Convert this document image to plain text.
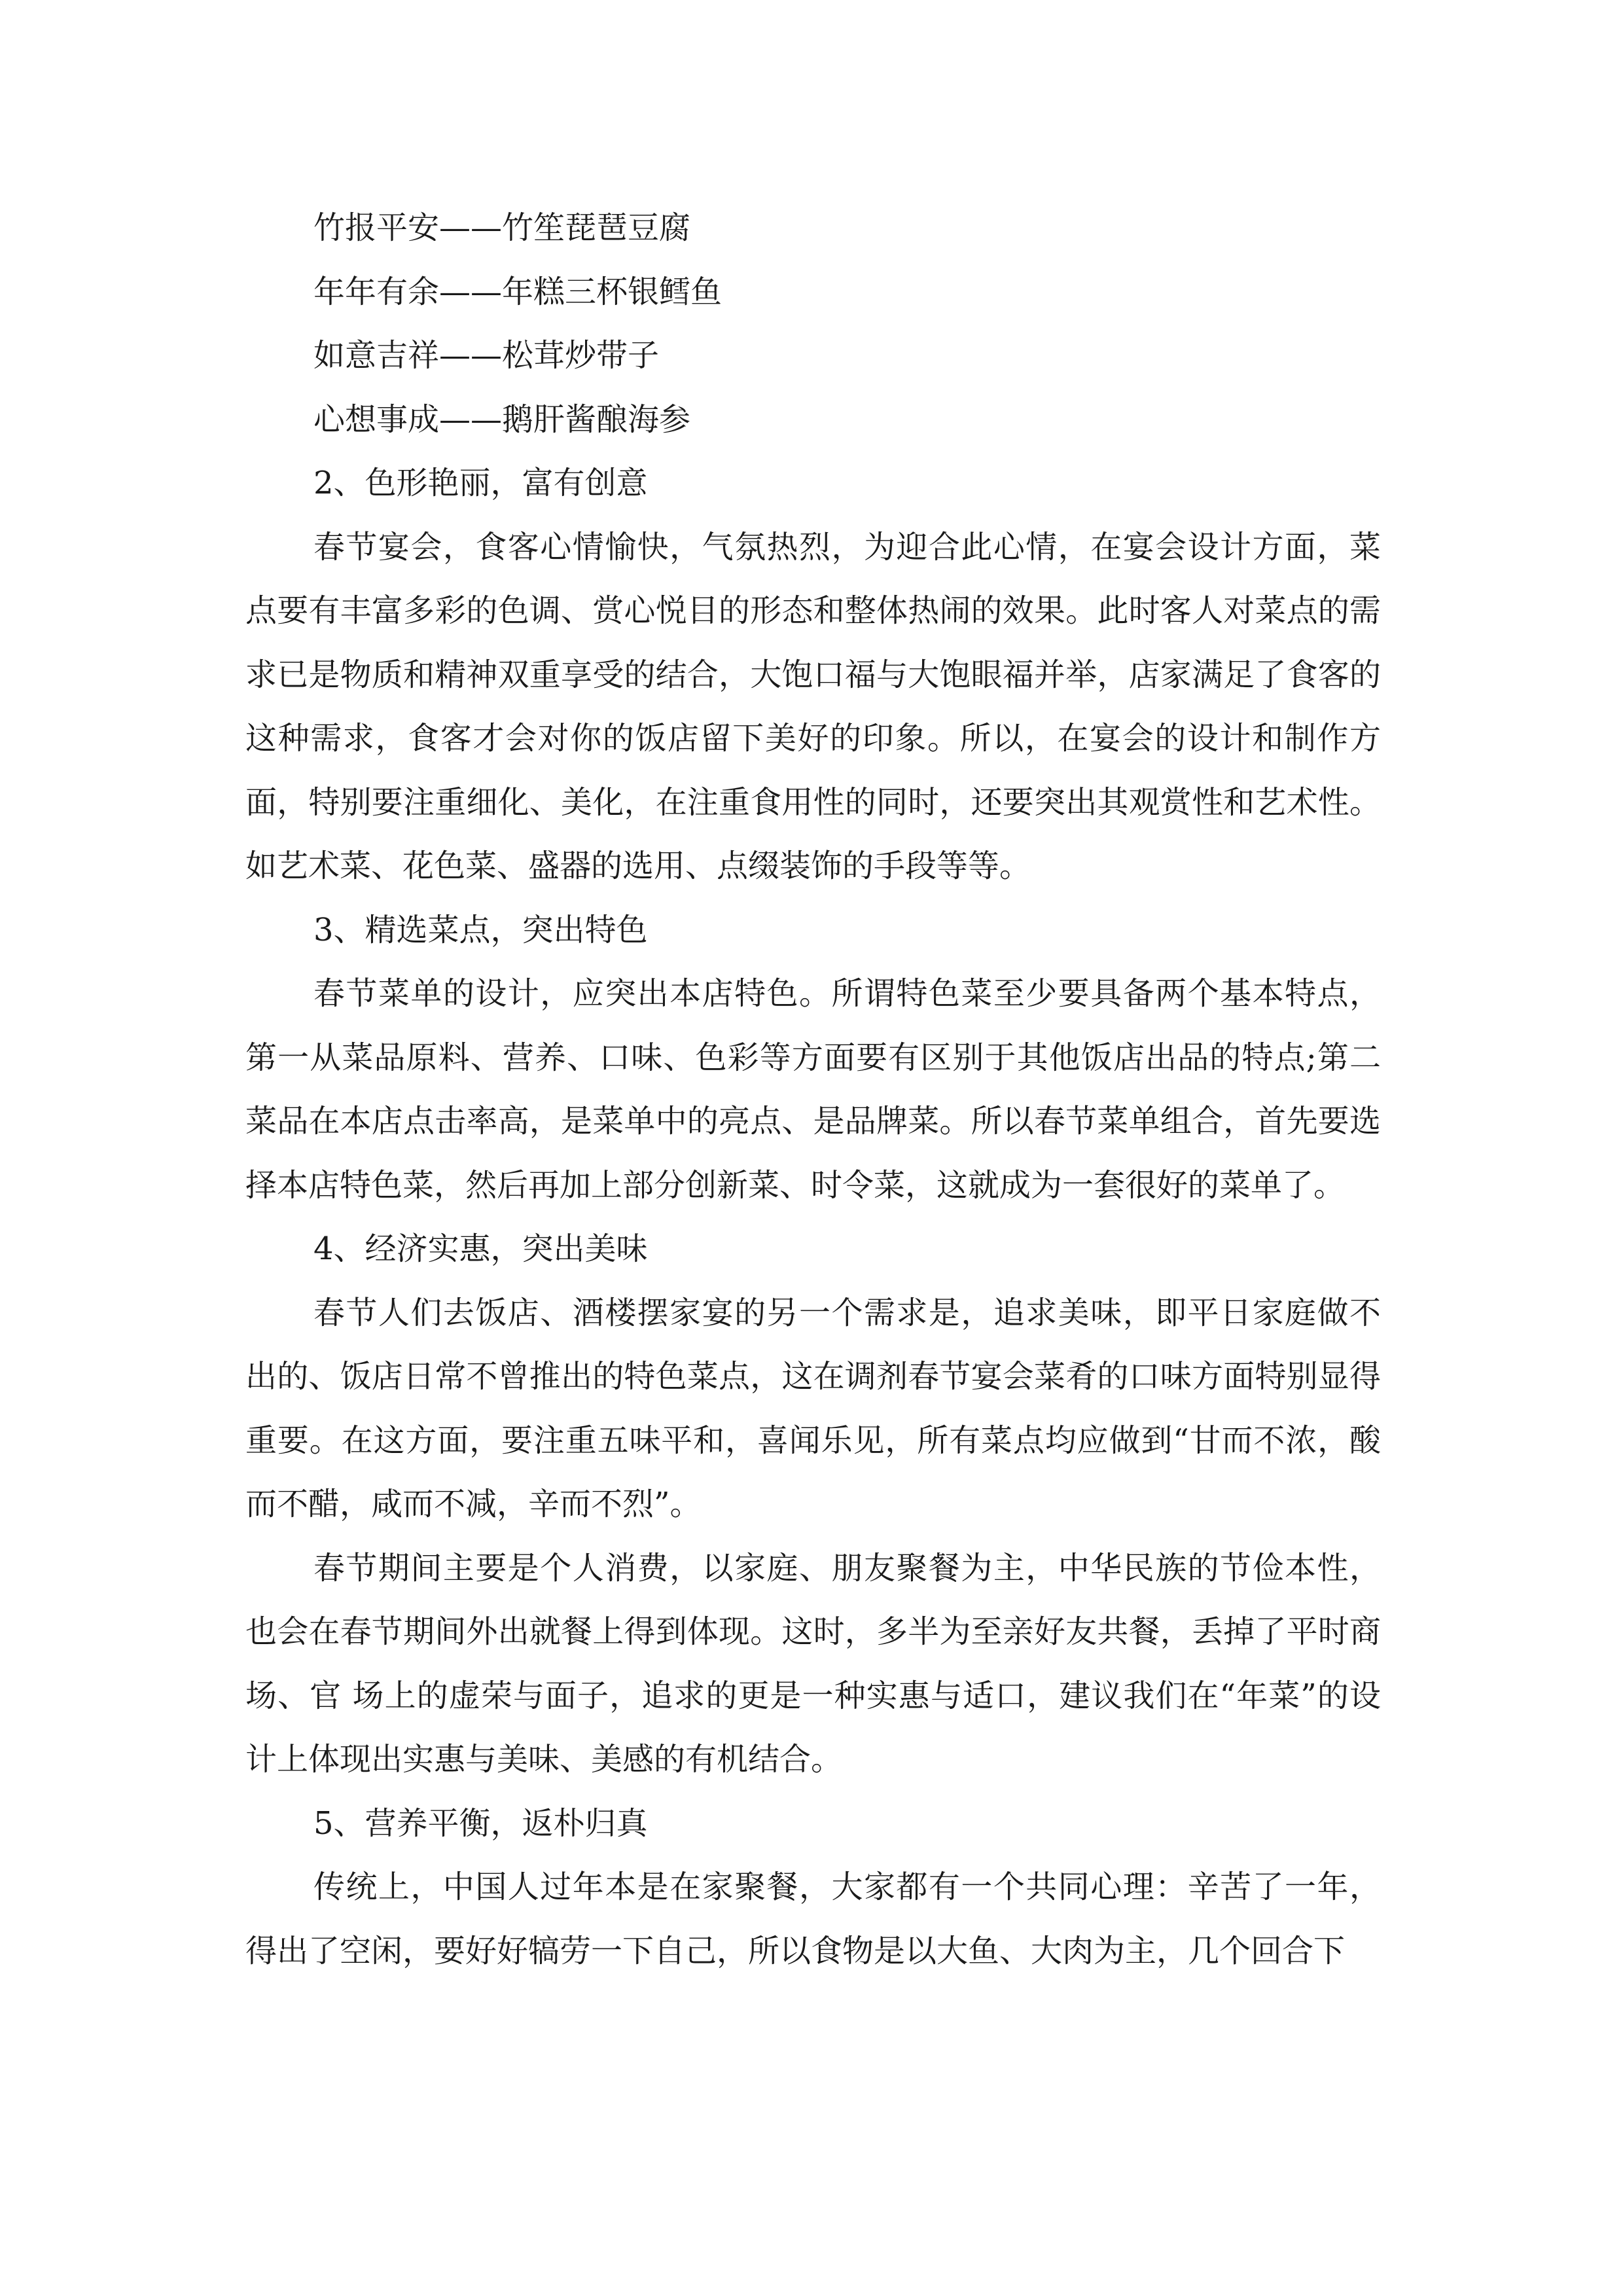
竹报平安——竹笙琵琶豆腐

年年有余——年糕三杯银鳕鱼

如意吉祥——松茸炒带子

心想事成——鹅肝酱酿海参

2、色形艳丽，富有创意

春节宴会，食客心情愉快，气氛热烈，为迎合此心情，在宴会设计方面，菜点要有丰富多彩的色调、赏心悦目的形态和整体热闹的效果。此时客人对菜点的需求已是物质和精神双重享受的结合，大饱口福与大饱眼福并举，店家满足了食客的这种需求，食客才会对你的饭店留下美好的印象。所以，在宴会的设计和制作方面，特别要注重细化、美化，在注重食用性的同时，还要突出其观赏性和艺术性。如艺术菜、花色菜、盛器的选用、点缀装饰的手段等等。

3、精选菜点，突出特色

春节菜单的设计，应突出本店特色。所谓特色菜至少要具备两个基本特点，第一从菜品原料、营养、口味、色彩等方面要有区别于其他饭店出品的特点;第二菜品在本店点击率高，是菜单中的亮点、是品牌菜。所以春节菜单组合，首先要选择本店特色菜，然后再加上部分创新菜、时令菜，这就成为一套很好的菜单了。

4、经济实惠，突出美味

春节人们去饭店、酒楼摆家宴的另一个需求是，追求美味，即平日家庭做不出的、饭店日常不曾推出的特色菜点，这在调剂春节宴会菜肴的口味方面特别显得重要。在这方面，要注重五味平和，喜闻乐见，所有菜点均应做到“甘而不浓，酸而不醋，咸而不减，辛而不烈”。

春节期间主要是个人消费，以家庭、朋友聚餐为主，中华民族的节俭本性，也会在春节期间外出就餐上得到体现。这时，多半为至亲好友共餐，丢掉了平时商场、官 场上的虚荣与面子，追求的更是一种实惠与适口，建议我们在“年菜”的设计上体现出实惠与美味、美感的有机结合。

5、营养平衡，返朴归真

传统上，中国人过年本是在家聚餐，大家都有一个共同心理：辛苦了一年，得出了空闲，要好好犒劳一下自己，所以食物是以大鱼、大肉为主，几个回合下
